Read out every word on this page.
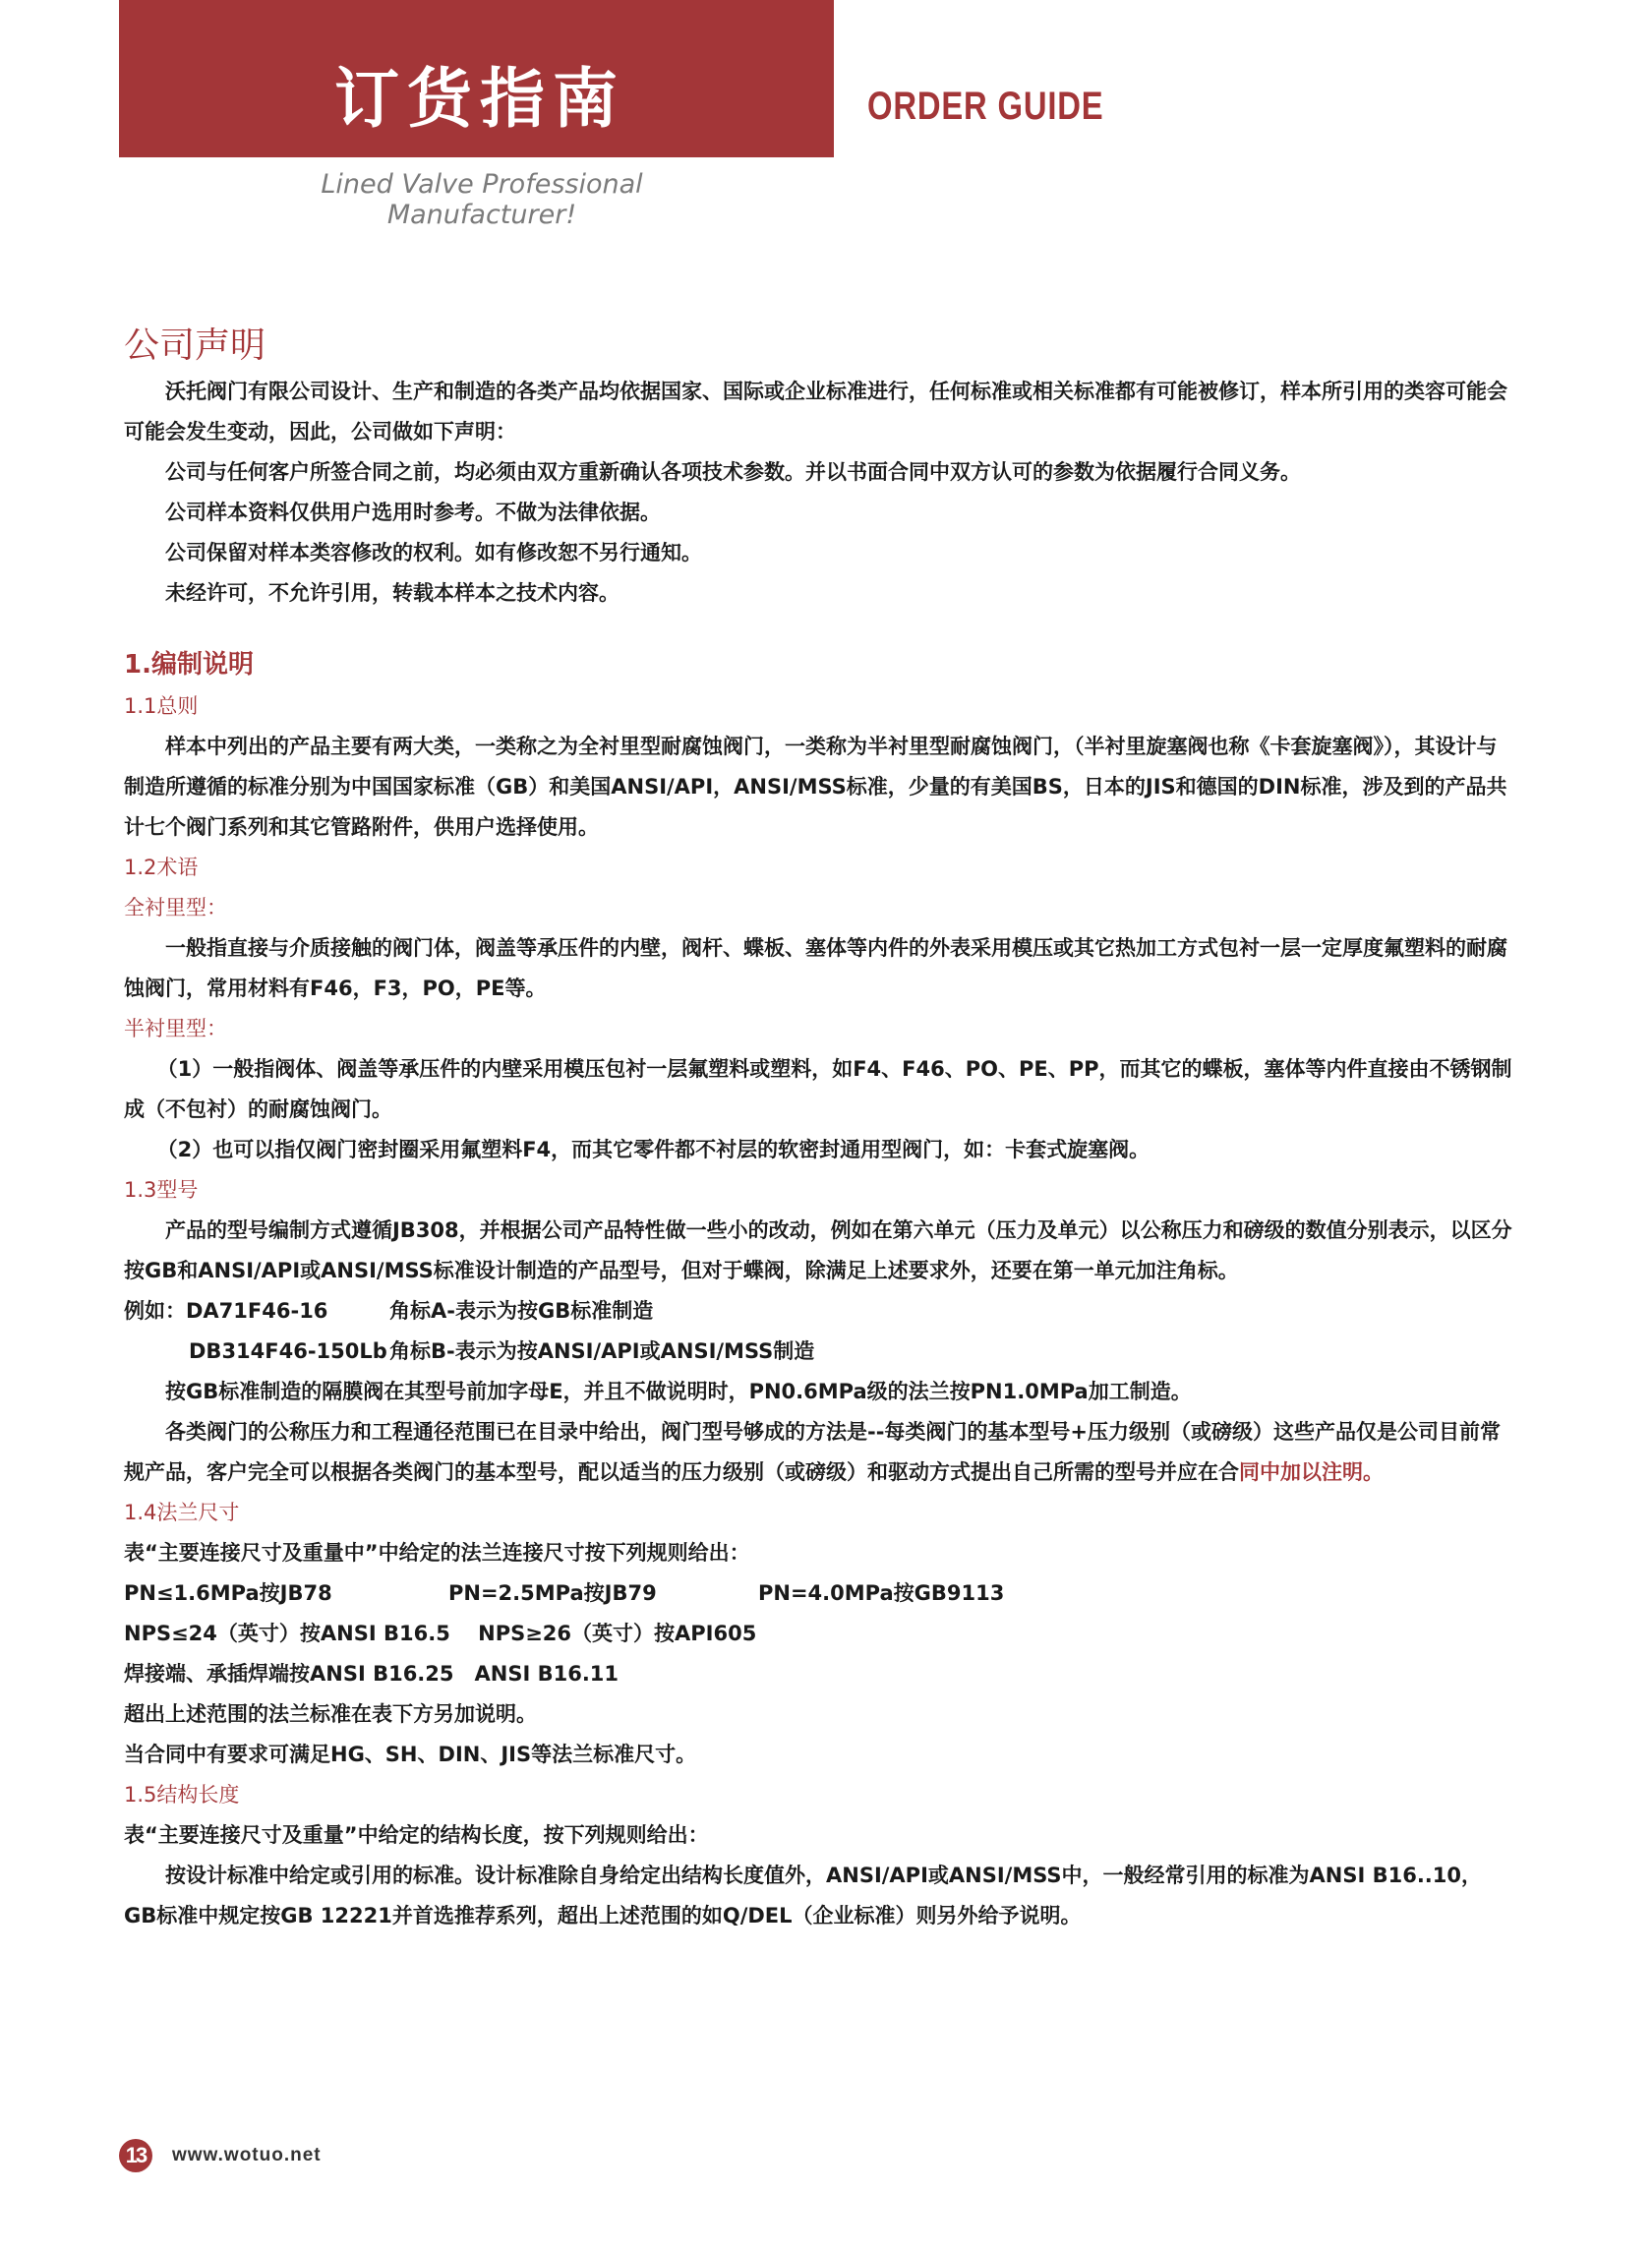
订货指南	ORDER GUIDE
Lined Valve Professional
Manufacturer!

公司声明

沃托阀门有限公司设计、生产和制造的各类产品均依据国家、国际或企业标准进行，任何标准或相关标准都有可能被修订，样本所引用的类容可能会可能会发生变动，因此，公司做如下声明：

公司与任何客户所签合同之前，均必须由双方重新确认各项技术参数。并以书面合同中双方认可的参数为依据履行合同义务。

公司样本资料仅供用户选用时参考。不做为法律依据。

公司保留对样本类容修改的权利。如有修改恕不另行通知。

未经许可，不允许引用，转载本样本之技术内容。

1.编制说明

1.1总则

样本中列出的产品主要有两大类，一类称之为全衬里型耐腐蚀阀门，一类称为半衬里型耐腐蚀阀门，（半衬里旋塞阀也称《卡套旋塞阀》），其设计与制造所遵循的标准分别为中国国家标准（GB）和美国ANSI/API，ANSI/MSS标准，少量的有美国BS，日本的JIS和德国的DIN标准，涉及到的产品共计七个阀门系列和其它管路附件，供用户选择使用。

1.2术语

全衬里型：

一般指直接与介质接触的阀门体，阀盖等承压件的内壁，阀杆、蝶板、塞体等内件的外表采用模压或其它热加工方式包衬一层一定厚度氟塑料的耐腐蚀阀门，常用材料有F46，F3，PO，PE等。

半衬里型：

（1）一般指阀体、阀盖等承压件的内壁采用模压包衬一层氟塑料或塑料，如F4、F46、PO、PE、PP，而其它的蝶板，塞体等内件直接由不锈钢制成（不包衬）的耐腐蚀阀门。

（2）也可以指仅阀门密封圈采用氟塑料F4，而其它零件都不衬层的软密封通用型阀门，如：卡套式旋塞阀。

1.3型号

产品的型号编制方式遵循JB308，并根据公司产品特性做一些小的改动，例如在第六单元（压力及单元）以公称压力和磅级的数值分别表示，以区分按GB和ANSI/API或ANSI/MSS标准设计制造的产品型号，但对于蝶阀，除满足上述要求外，还要在第一单元加注角标。

例如：DA71F46-16	角标A-表示为按GB标准制造

DB314F46-150Lb 角标B-表示为按ANSI/API或ANSI/MSS制造

按GB标准制造的隔膜阀在其型号前加字母E，并且不做说明时，PN0.6MPa级的法兰按PN1.0MPa加工制造。

各类阀门的公称压力和工程通径范围已在目录中给出，阀门型号够成的方法是--每类阀门的基本型号+压力级别（或磅级）这些产品仅是公司目前常规产品，客户完全可以根据各类阀门的基本型号，配以适当的压力级别（或磅级）和驱动方式提出自己所需的型号并应在合同中加以注明。

1.4法兰尺寸

表“主要连接尺寸及重量中”中给定的法兰连接尺寸按下列规则给出：

PN≤1.6MPa按JB78	PN=2.5MPa按JB79	PN=4.0MPa按GB9113

NPS≤24（英寸）按ANSI B16.5　 NPS≥26（英寸）按API605

焊接端、承插焊端按ANSI B16.25　ANSI B16.11

超出上述范围的法兰标准在表下方另加说明。

当合同中有要求可满足HG、SH、DIN、JIS等法兰标准尺寸。

1.5结构长度

表“主要连接尺寸及重量”中给定的结构长度，按下列规则给出：

按设计标准中给定或引用的标准。设计标准除自身给定出结构长度值外，ANSI/API或ANSI/MSS中，一般经常引用的标准为ANSI B16..10，GB标准中规定按GB 12221并首选推荐系列，超出上述范围的如Q/DEL（企业标准）则另外给予说明。

13	www.wotuo.net
